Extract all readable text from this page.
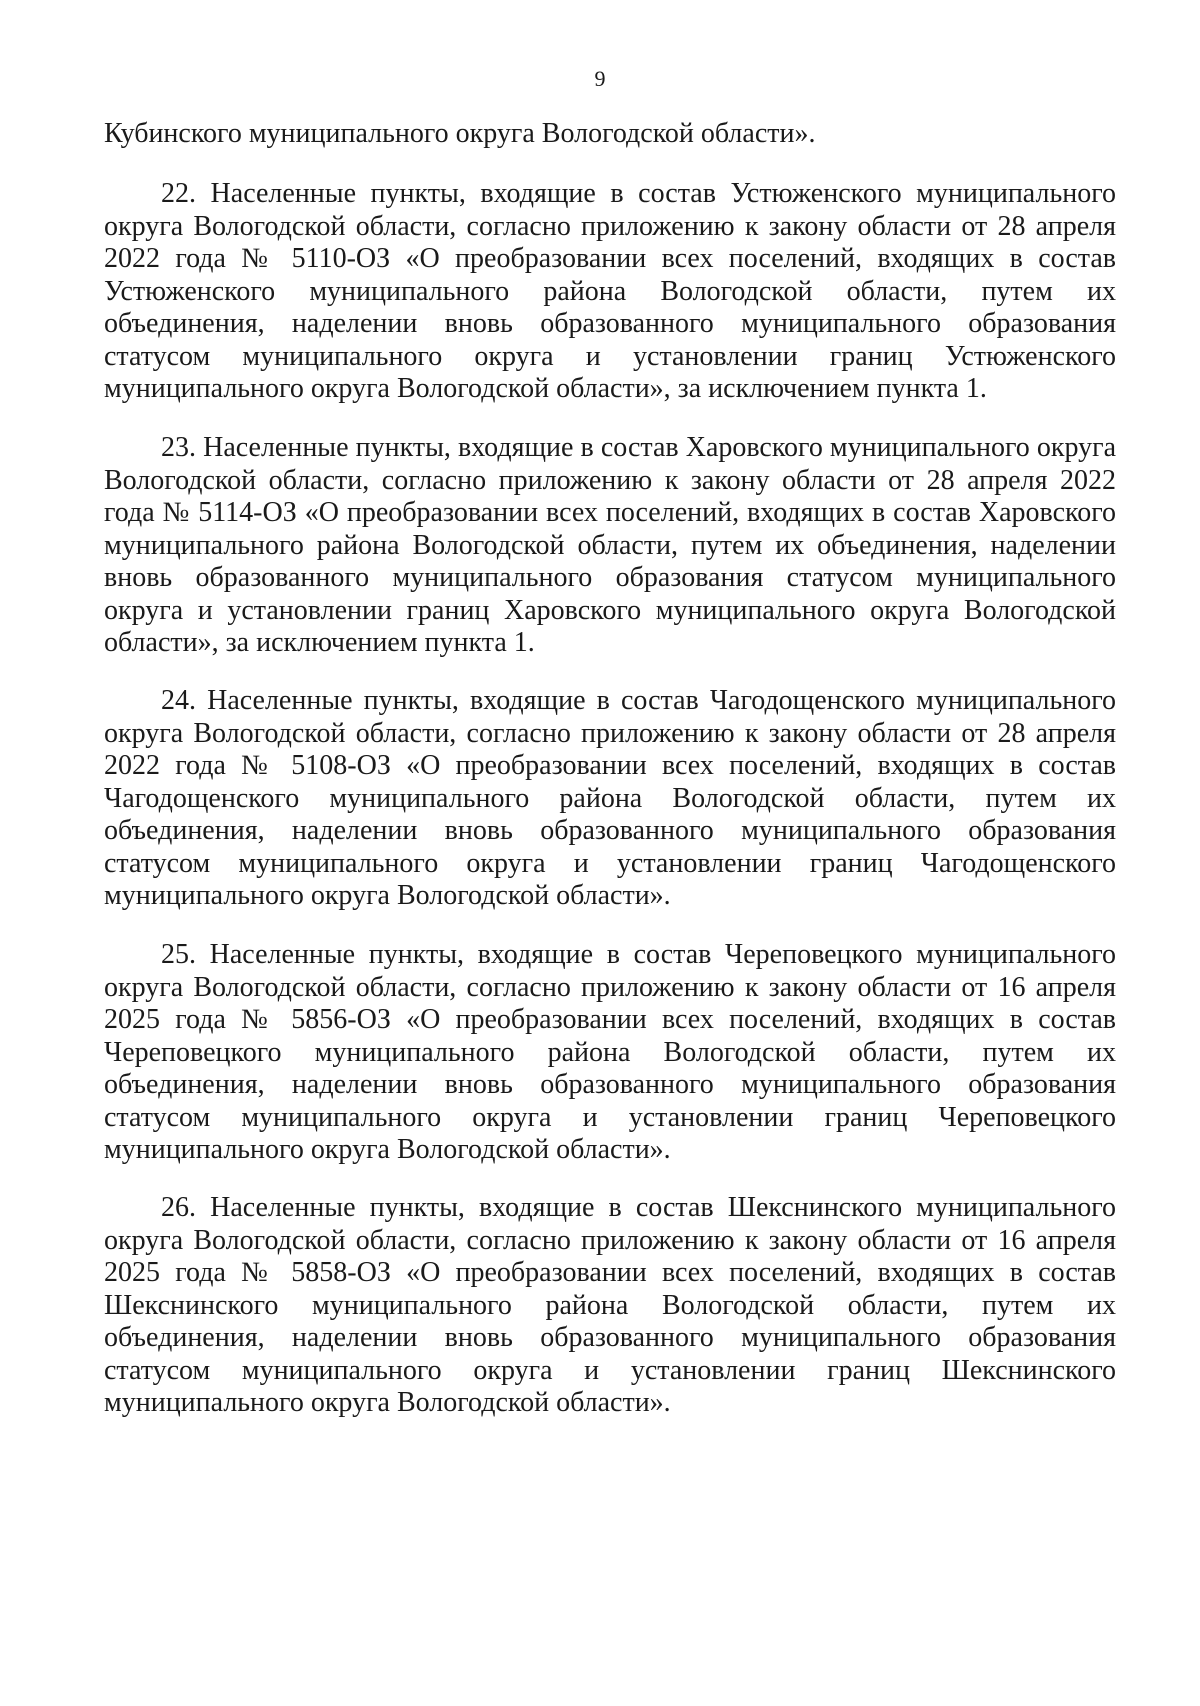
9

Кубинского муниципального округа Вологодской области».

22. Населенные пункты, входящие в состав Устюженского муниципального округа Вологодской области, согласно приложению к закону области от 28 апреля 2022 года № 5110-ОЗ «О преобразовании всех поселений, входящих в состав Устюженского муниципального района Вологодской области, путем их объединения, наделении вновь образованного муниципального образования статусом муниципального округа и установлении границ Устюженского муниципального округа Вологодской области», за исключением пункта 1.

23. Населенные пункты, входящие в состав Харовского муниципального округа Вологодской области, согласно приложению к закону области от 28 апреля 2022 года № 5114-ОЗ «О преобразовании всех поселений, входящих в состав Харовского муниципального района Вологодской области, путем их объединения, наделении вновь образованного муниципального образования статусом муниципального округа и установлении границ Харовского муниципального округа Вологодской области», за исключением пункта 1.

24. Населенные пункты, входящие в состав Чагодощенского муниципального округа Вологодской области, согласно приложению к закону области от 28 апреля 2022 года № 5108-ОЗ «О преобразовании всех поселений, входящих в состав Чагодощенского муниципального района Вологодской области, путем их объединения, наделении вновь образованного муниципального образования статусом муниципального округа и установлении границ Чагодощенского муниципального округа Вологодской области».

25. Населенные пункты, входящие в состав Череповецкого муниципального округа Вологодской области, согласно приложению к закону области от 16 апреля 2025 года № 5856-ОЗ «О преобразовании всех поселений, входящих в состав Череповецкого муниципального района Вологодской области, путем их объединения, наделении вновь образованного муниципального образования статусом муниципального округа и установлении границ Череповецкого муниципального округа Вологодской области».

26. Населенные пункты, входящие в состав Шекснинского муниципального округа Вологодской области, согласно приложению к закону области от 16 апреля 2025 года № 5858-ОЗ «О преобразовании всех поселений, входящих в состав Шекснинского муниципального района Вологодской области, путем их объединения, наделении вновь образованного муниципального образования статусом муниципального округа и установлении границ Шекснинского муниципального округа Вологодской области».
